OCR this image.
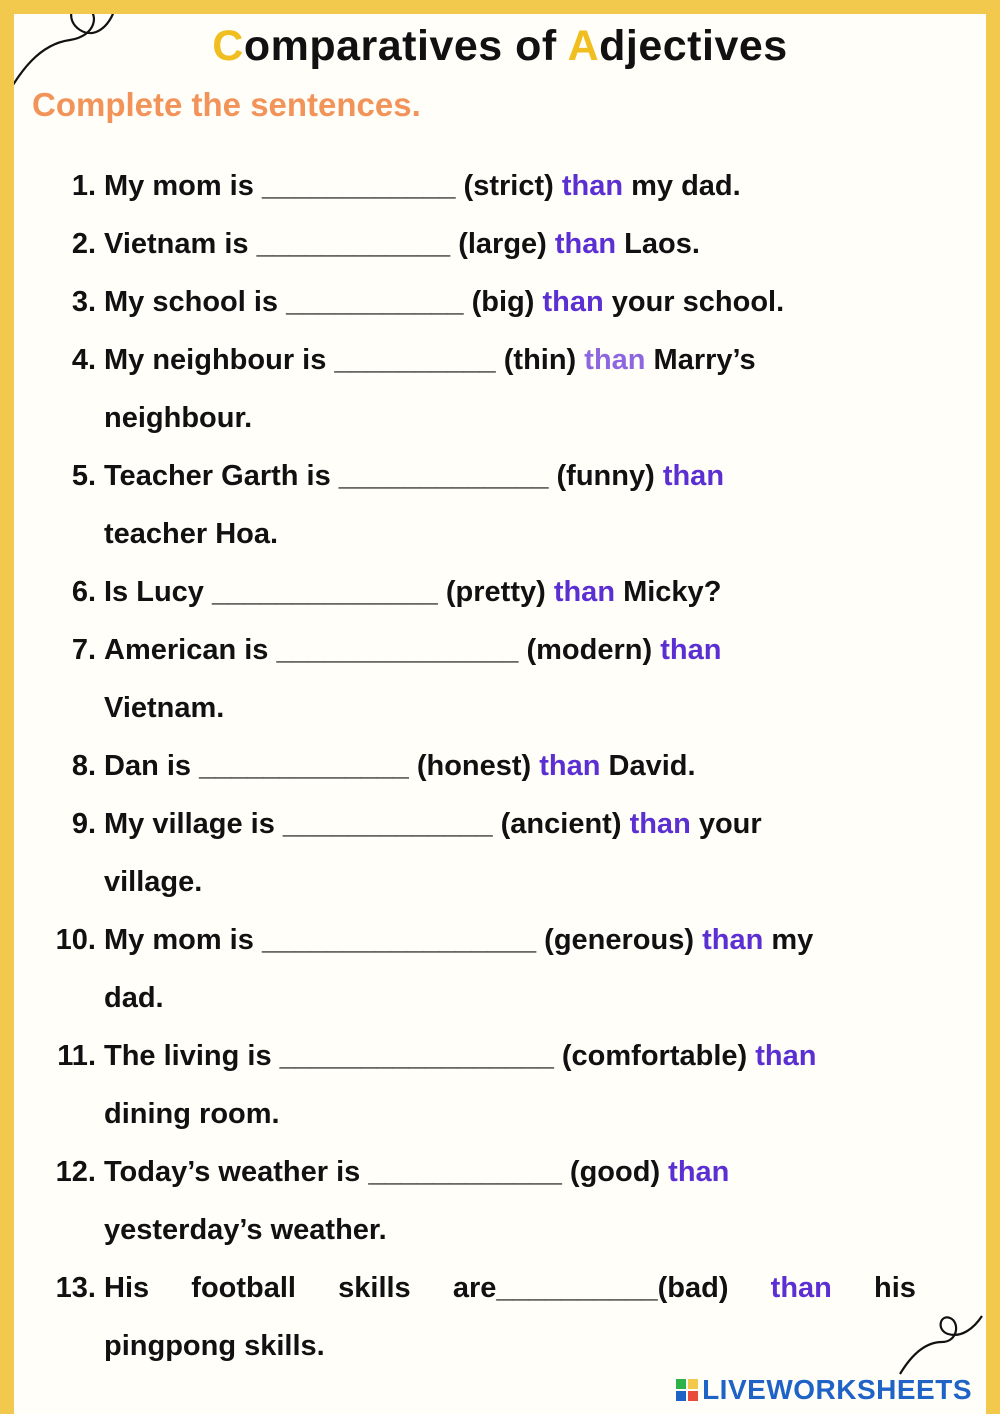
Comparatives of Adjectives
Complete the sentences.
1. My mom is ____________ (strict) than my dad.
2. Vietnam is ____________ (large) than Laos.
3. My school is ___________ (big) than your school.
4. My neighbour is __________ (thin) than Marry’s
neighbour.
5. Teacher Garth is _____________ (funny) than
teacher Hoa.
6. Is Lucy ______________ (pretty) than Micky?
7. American is _______________ (modern) than
Vietnam.
8. Dan is _____________ (honest) than David.
9. My village is _____________ (ancient) than your
village.
10. My mom is _________________ (generous) than my
dad.
11. The living is _________________ (comfortable) than
dining room.
12. Today’s weather is ____________ (good) than
yesterday’s weather.
13. His football skills are__________(bad) than his
pingpong skills.
LIVEWORKSHEETS
